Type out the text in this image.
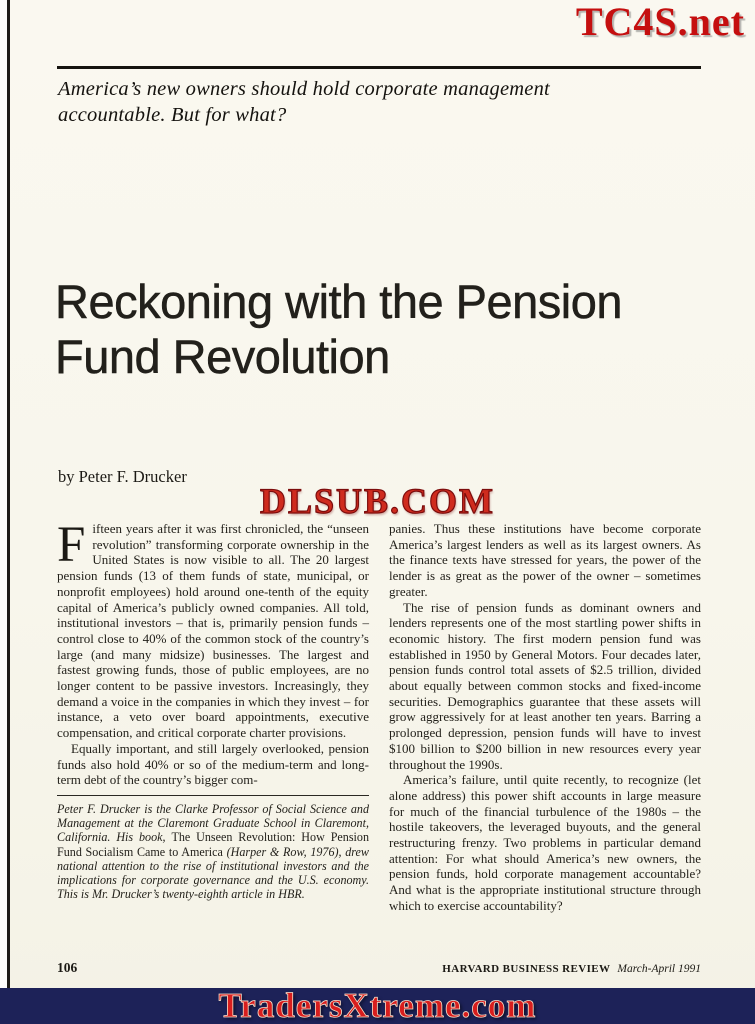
TC4S.net
America’s new owners should hold corporate management
accountable. But for what?
Reckoning with the Pension
Fund Revolution
by Peter F. Drucker

Fifteen years after it was first chronicled, the “unseen revolution” transforming corporate ownership in the United States is now visible to all. The 20 largest pension funds (13 of them funds of state, municipal, or nonprofit employees) hold around one-tenth of the equity capital of America’s publicly owned companies. All told, institutional investors – that is, primarily pension funds – control close to 40% of the common stock of the country’s large (and many midsize) businesses. The largest and fastest growing funds, those of public employees, are no longer content to be passive investors. Increasingly, they demand a voice in the companies in which they invest – for instance, a veto over board appointments, executive compensation, and critical corporate charter provisions.

Equally important, and still largely overlooked, pension funds also hold 40% or so of the medium-term and long-term debt of the country’s bigger com-

Peter F. Drucker is the Clarke Professor of Social Science and Management at the Claremont Graduate School in Claremont, California. His book, The Unseen Revolution: How Pension Fund Socialism Came to America (Harper & Row, 1976), drew national attention to the rise of institutional investors and the implications for corporate governance and the U.S. economy. This is Mr. Drucker’s twenty-eighth article in HBR.

panies. Thus these institutions have become corporate America’s largest lenders as well as its largest owners. As the finance texts have stressed for years, the power of the lender is as great as the power of the owner – sometimes greater.

The rise of pension funds as dominant owners and lenders represents one of the most startling power shifts in economic history. The first modern pension fund was established in 1950 by General Motors. Four decades later, pension funds control total assets of $2.5 trillion, divided about equally between common stocks and fixed-income securities. Demographics guarantee that these assets will grow aggressively for at least another ten years. Barring a prolonged depression, pension funds will have to invest $100 billion to $200 billion in new resources every year throughout the 1990s.

America’s failure, until quite recently, to recognize (let alone address) this power shift accounts in large measure for much of the financial turbulence of the 1980s – the hostile takeovers, the leveraged buyouts, and the general restructuring frenzy. Two problems in particular demand attention: For what should America’s new owners, the pension funds, hold corporate management accountable? And what is the appropriate institutional structure through which to exercise accountability?

DLSUB.COM
106	HARVARD BUSINESS REVIEW March-April 1991
TradersXtreme.com
